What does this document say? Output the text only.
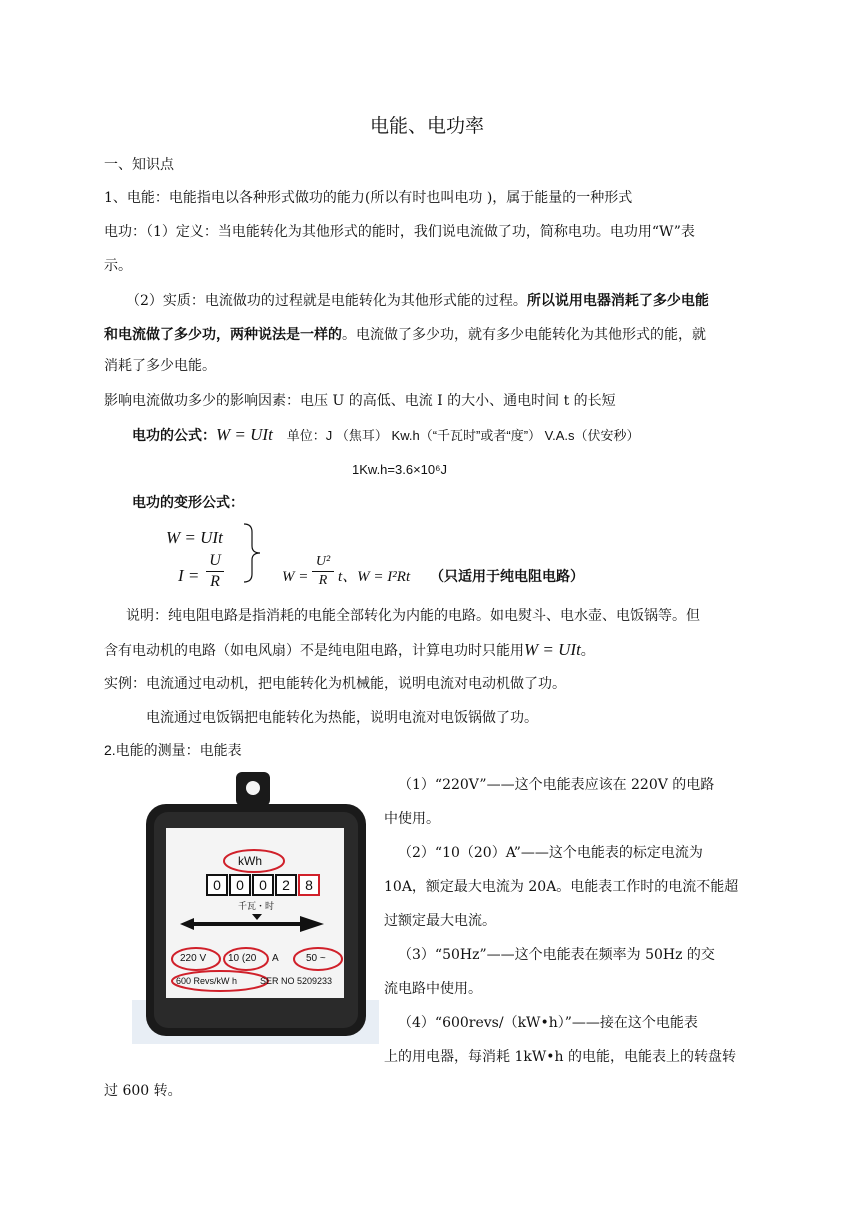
电能、电功率
一、知识点
1、电能：电能指电以各种形式做功的能力(所以有时也叫电功 )，属于能量的一种形式
电功：（1）定义：当电能转化为其他形式的能时，我们说电流做了功，简称电功。电功用“W”表
示。
（2）实质：电流做功的过程就是电能转化为其他形式能的过程。所以说用电器消耗了多少电能
和电流做了多少功，两种说法是一样的。电流做了多少功，就有多少电能转化为其他形式的能，就
消耗了多少电能。
影响电流做功多少的影响因素：电压 U 的高低、电流 I 的大小、通电时间 t 的长短
电功的公式：W = UIt 单位：J （焦耳） Kw.h（“千瓦时”或者“度”） V.A.s（伏安秒）
1Kw.h=3.6×10⁶J
电功的变形公式：
W = UIt
I =
U
R	W =
U²
R t、W = I²Rt （只适用于纯电阻电路）
说明：纯电阻电路是指消耗的电能全部转化为内能的电路。如电熨斗、电水壶、电饭锅等。但
含有电动机的电路（如电风扇）不是纯电阻电路，计算电功时只能用W = UIt。
实例：电流通过电动机，把电能转化为机械能，说明电流对电动机做了功。
电流通过电饭锅把电能转化为热能，说明电流对电饭锅做了功。
2.电能的测量：电能表
kWh
0	0	0	2	8
千瓦・时
220 V 10 (20 A	50 ~
600 Revs/kW h	SER NO 5209233
（1）“220V”——这个电能表应该在 220V 的电路
中使用。
（2）“10（20）A”——这个电能表的标定电流为
10A，额定最大电流为 20A。电能表工作时的电流不能超
过额定最大电流。
（3）“50Hz”——这个电能表在频率为 50Hz 的交
流电路中使用。
（4）“600revs/（kW•h）”——接在这个电能表
上的用电器，每消耗 1kW•h 的电能，电能表上的转盘转
过 600 转。
